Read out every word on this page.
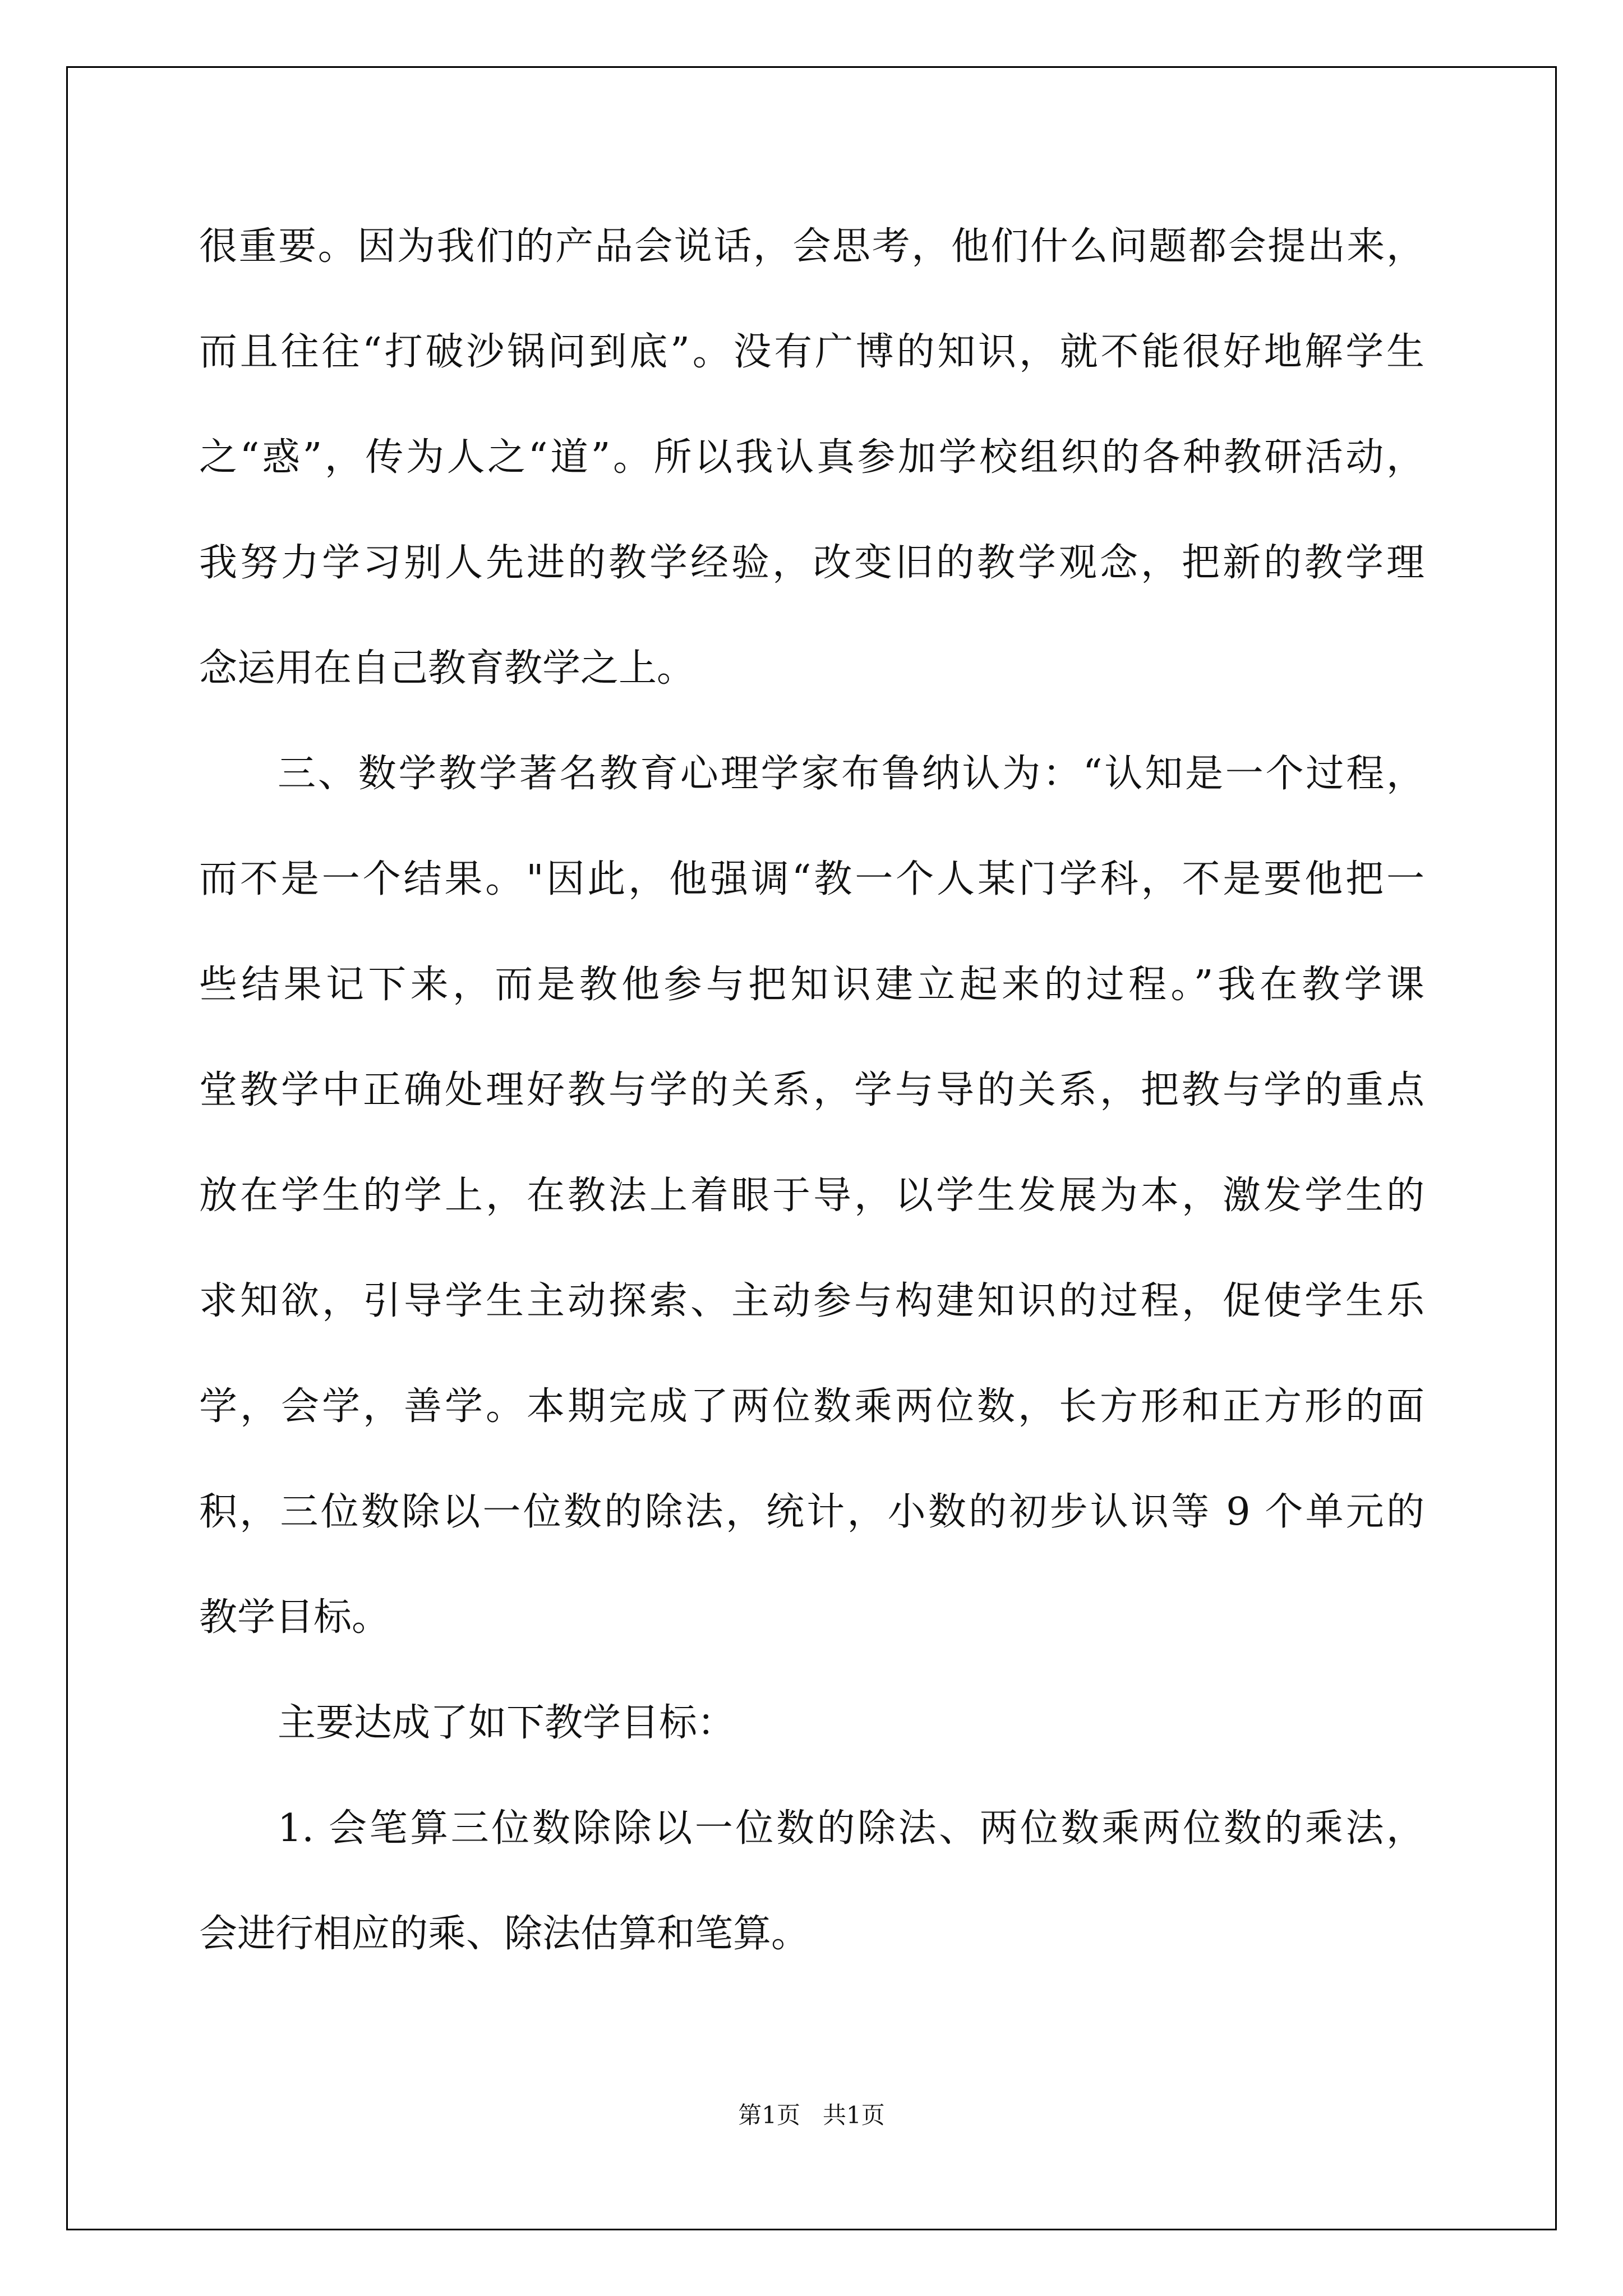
很重要。因为我们的产品会说话，会思考，他们什么问题都会提出来，
而且往往“打破沙锅问到底”。没有广博的知识，就不能很好地解学生
之“惑”，传为人之“道”。所以我认真参加学校组织的各种教研活动，
我努力学习别人先进的教学经验，改变旧的教学观念，把新的教学理
念运用在自己教育教学之上。
三、数学教学著名教育心理学家布鲁纳认为：“认知是一个过程，
而不是一个结果。"因此，他强调“教一个人某门学科，不是要他把一
些结果记下来，而是教他参与把知识建立起来的过程。”我在教学课
堂教学中正确处理好教与学的关系，学与导的关系，把教与学的重点
放在学生的学上，在教法上着眼于导，以学生发展为本，激发学生的
求知欲，引导学生主动探索、主动参与构建知识的过程，促使学生乐
学，会学，善学。本期完成了两位数乘两位数，长方形和正方形的面
积，三位数除以一位数的除法，统计，小数的初步认识等 9 个单元的
教学目标。
主要达成了如下教学目标：
1. 会笔算三位数除除以一位数的除法、两位数乘两位数的乘法，
会进行相应的乘、除法估算和笔算。
第1页   共1页
